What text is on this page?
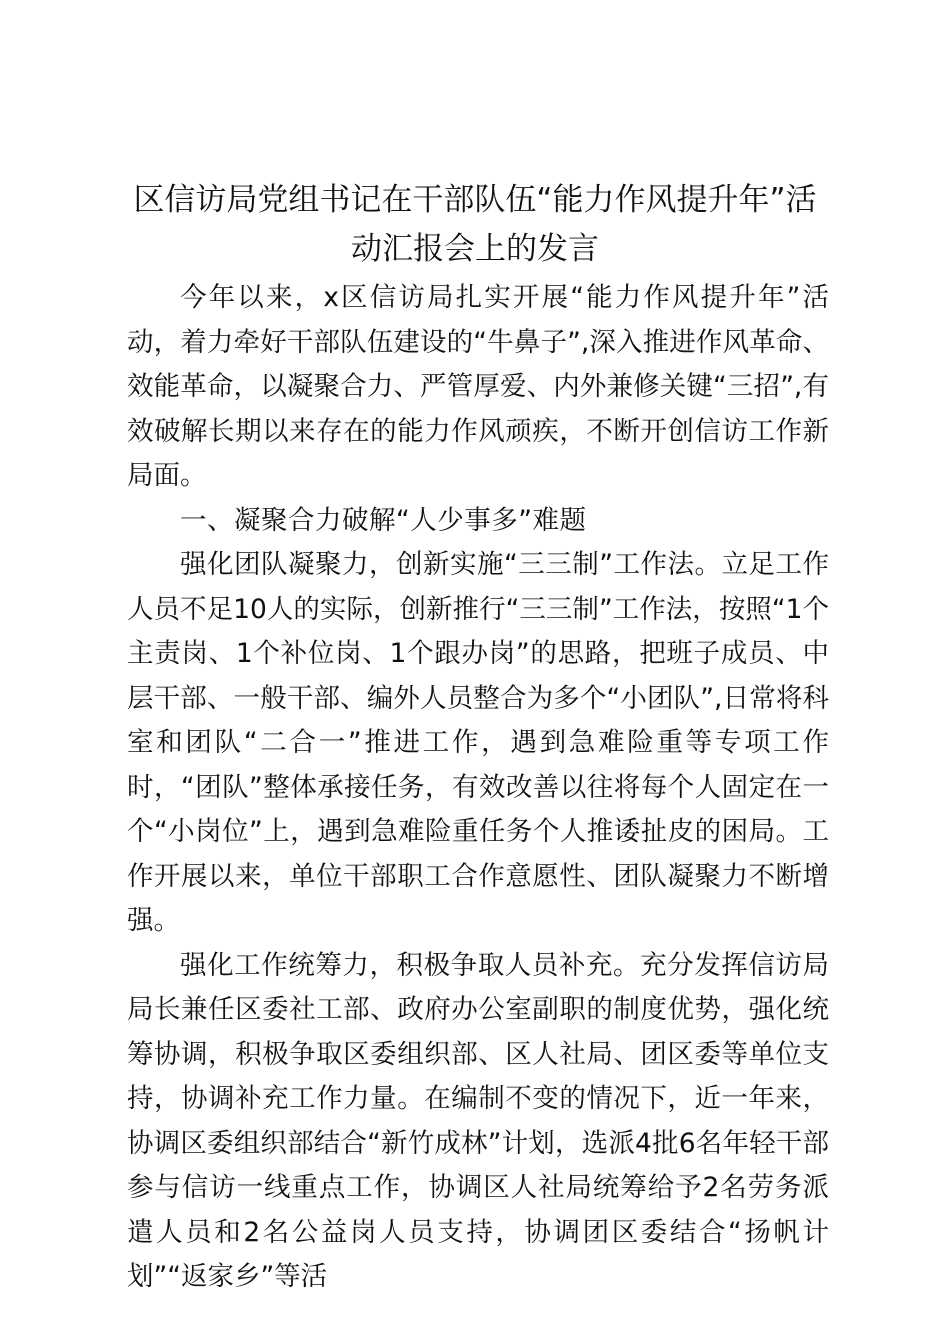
区信访局党组书记在干部队伍“能力作风提升年”活动汇报会上的发言

今年以来，x区信访局扎实开展“能力作风提升年”活动，着力牵好干部队伍建设的“牛鼻子”,深入推进作风革命、效能革命，以凝聚合力、严管厚爱、内外兼修关键“三招”,有效破解长期以来存在的能力作风顽疾，不断开创信访工作新局面。

一、凝聚合力破解“人少事多”难题

强化团队凝聚力，创新实施“三三制”工作法。立足工作人员不足10人的实际，创新推行“三三制”工作法，按照“1个主责岗、1个补位岗、1个跟办岗”的思路，把班子成员、中层干部、一般干部、编外人员整合为多个“小团队”,日常将科室和团队“二合一”推进工作，遇到急难险重等专项工作时，“团队”整体承接任务，有效改善以往将每个人固定在一个“小岗位”上，遇到急难险重任务个人推诿扯皮的困局。工作开展以来，单位干部职工合作意愿性、团队凝聚力不断增强。

强化工作统筹力，积极争取人员补充。充分发挥信访局局长兼任区委社工部、政府办公室副职的制度优势，强化统筹协调，积极争取区委组织部、区人社局、团区委等单位支持，协调补充工作力量。在编制不变的情况下，近一年来，协调区委组织部结合“新竹成林”计划，选派4批6名年轻干部参与信访一线重点工作，协调区人社局统筹给予2名劳务派遣人员和2名公益岗人员支持，协调团区委结合“扬帆计划”“返家乡”等活
